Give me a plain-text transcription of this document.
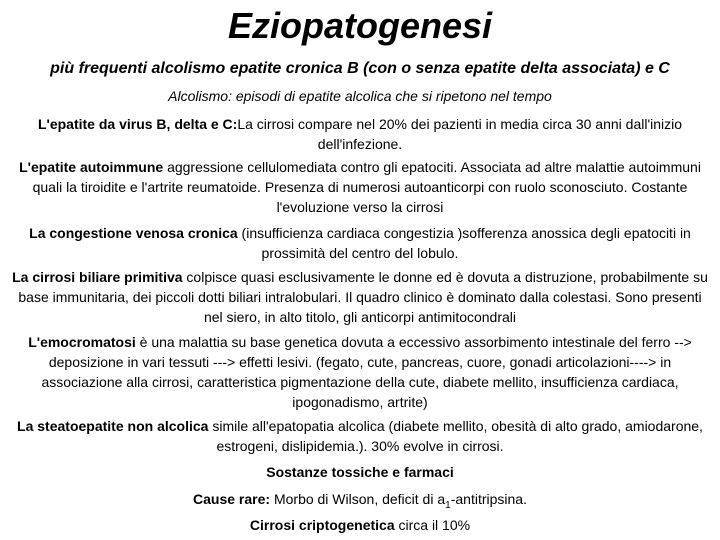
Eziopatogenesi

più frequenti alcolismo epatite cronica B (con o senza epatite delta associata) e C

Alcolismo: episodi di epatite alcolica che si ripetono nel tempo

L'epatite da virus B, delta e C:La cirrosi compare nel 20% dei pazienti in media circa 30 anni dall'inizio dell'infezione.

L'epatite autoimmune aggressione cellulomediata contro gli epatociti. Associata ad altre malattie autoimmuni quali la tiroidite e l'artrite reumatoide. Presenza di numerosi autoanticorpi con ruolo sconosciuto. Costante l'evoluzione verso la cirrosi

La congestione venosa cronica (insufficienza cardiaca congestizia )sofferenza anossica degli epatociti in prossimità del centro del lobulo.

La cirrosi biliare primitiva colpisce quasi esclusivamente le donne ed è dovuta a distruzione, probabilmente su base immunitaria, dei piccoli dotti biliari intralobulari. Il quadro clinico è dominato dalla colestasi. Sono presenti nel siero, in alto titolo, gli anticorpi antimitocondrali

L'emocromatosi è una malattia su base genetica dovuta a eccessivo assorbimento intestinale del ferro --> deposizione in vari tessuti ---> effetti lesivi. (fegato, cute, pancreas, cuore, gonadi articolazioni----> in associazione alla cirrosi, caratteristica pigmentazione della cute, diabete mellito, insufficienza cardiaca, ipogonadismo, artrite)

La steatoepatite non alcolica simile all'epatopatia alcolica (diabete mellito, obesità di alto grado, amiodarone, estrogeni, dislipidemia.). 30% evolve in cirrosi.

Sostanze tossiche e farmaci

Cause rare: Morbo di Wilson, deficit di $a_1$-antitripsina.

Cirrosi criptogenetica circa il 10%
